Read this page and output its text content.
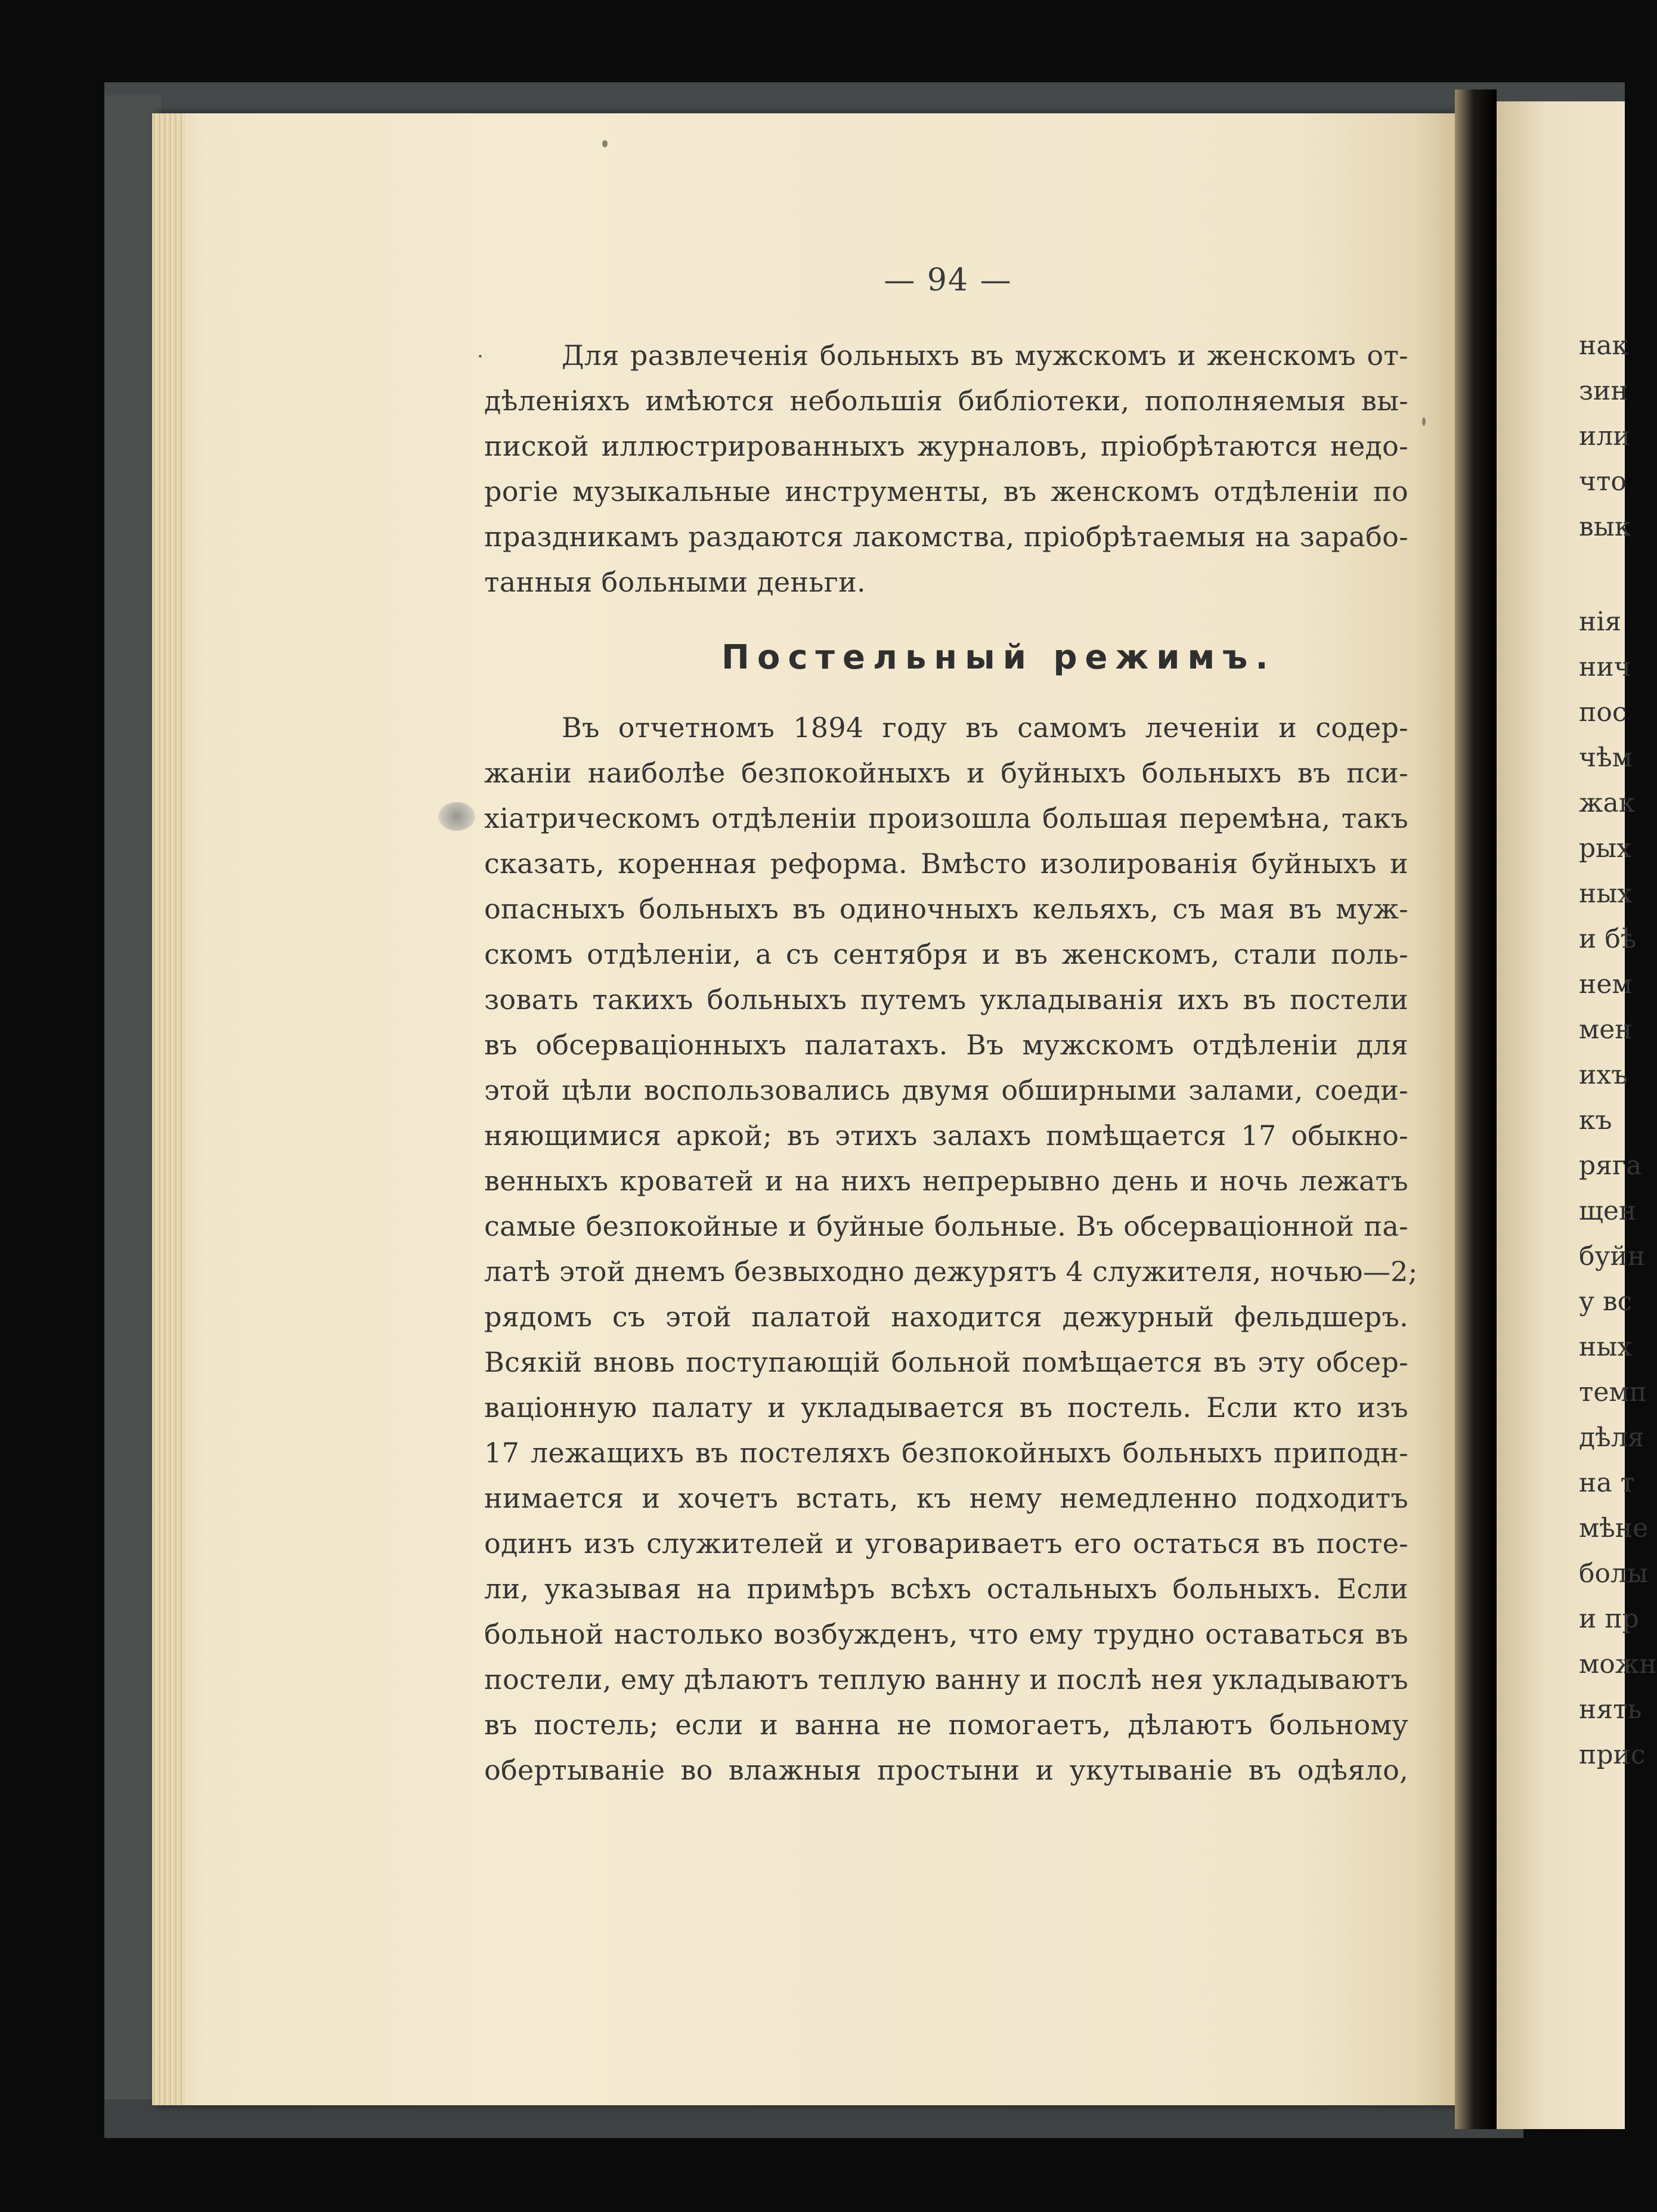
— 94 —
·	Для развлеченія больныхъ въ мужскомъ и женскомъ от-
дѣленіяхъ имѣются небольшія библіотеки, пополняемыя вы-
пиской иллюстрированныхъ журналовъ, пріобрѣтаются недо-
рогіе музыкальные инструменты, въ женскомъ отдѣленіи по
праздникамъ раздаются лакомства, пріобрѣтаемыя на зарабо-
танныя больными деньги.
Постельный режимъ.
Въ отчетномъ 1894 году въ самомъ леченіи и содер-
жаніи наиболѣе безпокойныхъ и буйныхъ больныхъ въ пси-
хіатрическомъ отдѣленіи произошла большая перемѣна, такъ
сказать, коренная реформа. Вмѣсто изолированія буйныхъ и
опасныхъ больныхъ въ одиночныхъ кельяхъ, съ мая въ муж-
скомъ отдѣленіи, а съ сентября и въ женскомъ, стали поль-
зовать такихъ больныхъ путемъ укладыванія ихъ въ постели
въ обсерваціонныхъ палатахъ. Въ мужскомъ отдѣленіи для
этой цѣли воспользовались двумя обширными залами, соеди-
няющимися аркой; въ этихъ залахъ помѣщается 17 обыкно-
венныхъ кроватей и на нихъ непрерывно день и ночь лежатъ
самые безпокойные и буйные больные. Въ обсерваціонной па-
латѣ этой днемъ безвыходно дежурятъ 4 служителя, ночью—2;
рядомъ съ этой палатой находится дежурный фельдшеръ.
Всякій вновь поступающій больной помѣщается въ эту обсер-
ваціонную палату и укладывается въ постель. Если кто изъ
17 лежащихъ въ постеляхъ безпокойныхъ больныхъ приподн-
нимается и хочетъ встать, къ нему немедленно подходитъ
одинъ изъ служителей и уговариваетъ его остаться въ посте-
ли, указывая на примѣръ всѣхъ остальныхъ больныхъ. Если
больной настолько возбужденъ, что ему трудно оставаться въ
постели, ему дѣлаютъ теплую ванну и послѣ нея укладываютъ
въ постель; если и ванна не помогаетъ, дѣлаютъ больному
обертываніе во влажныя простыни и укутываніе въ одѣяло,
нак
зин
или
что
вык
нія
нич
пос
чѣм
жак
рых
ных
и бѣ
нем
мен
ихъ
къ
ряга
щен
буйн
у вс
ных
темп
дѣля
на т
мѣне
болы
и пр
можн
нять
прис
